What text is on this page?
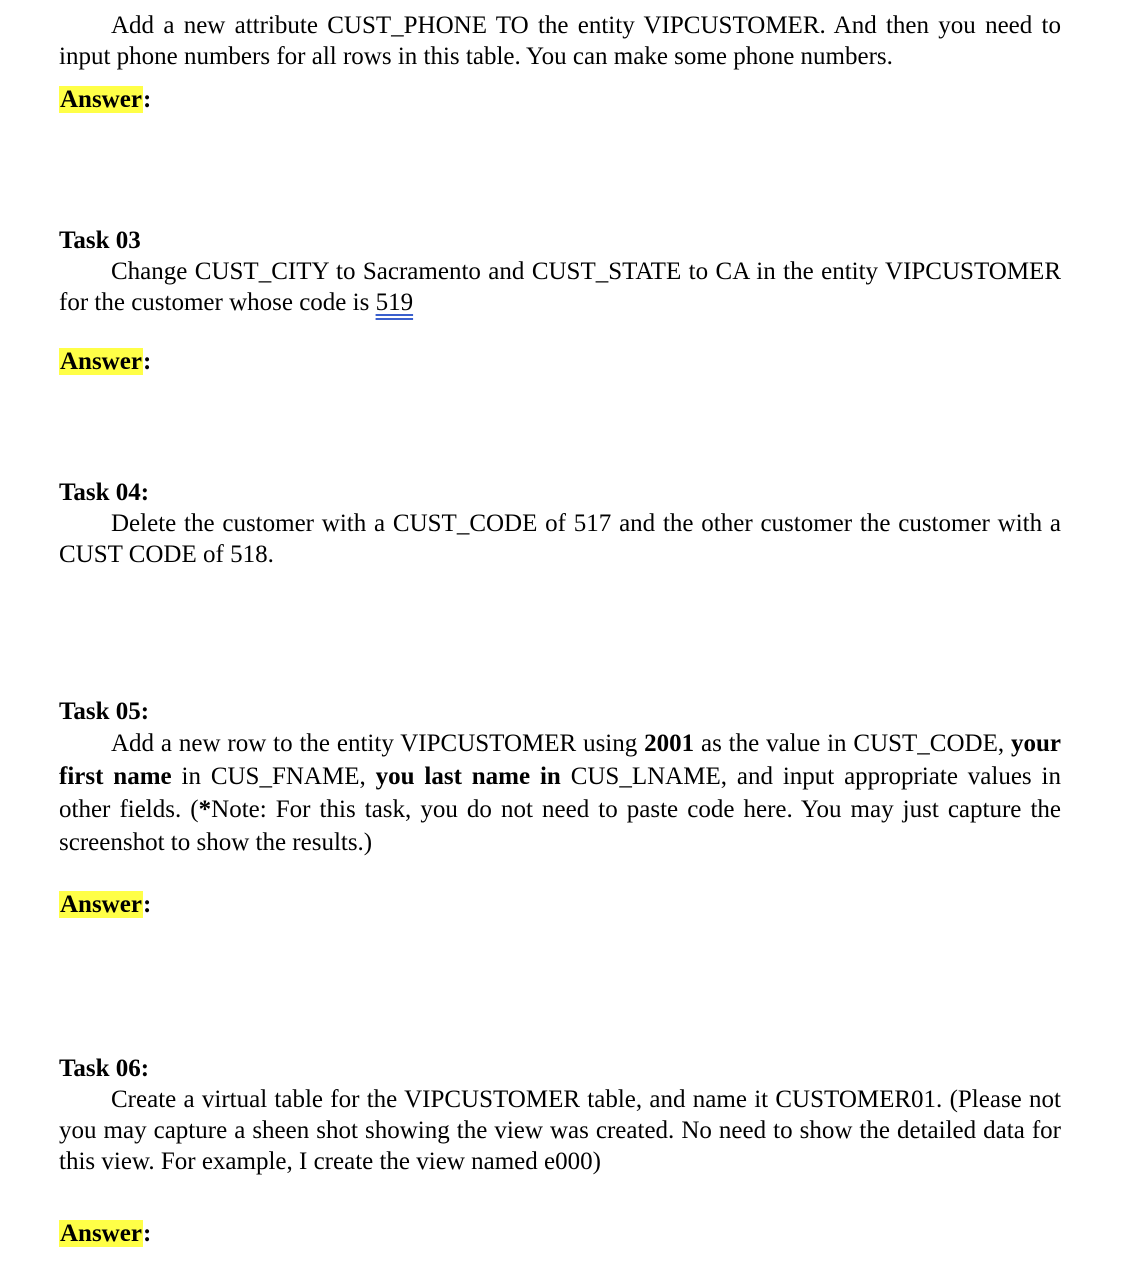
Add a new attribute CUST_PHONE TO the entity VIPCUSTOMER. And then you need to input phone numbers for all rows in this table. You can make some phone numbers.

Answer:

Task 03

Change CUST_CITY to Sacramento and CUST_STATE to CA in the entity VIPCUSTOMER for the customer whose code is 519

Answer:

Task 04:

Delete the customer with a CUST_CODE of 517 and the other customer the customer with a CUST CODE of 518.

Task 05:

Add a new row to the entity VIPCUSTOMER using 2001 as the value in CUST_CODE, your first name in CUS_FNAME, you last name in CUS_LNAME, and input appropriate values in other fields. (*Note: For this task, you do not need to paste code here. You may just capture the screenshot to show the results.)

Answer:

Task 06:

Create a virtual table for the VIPCUSTOMER table, and name it CUSTOMER01. (Please not you may capture a sheen shot showing the view was created. No need to show the detailed data for this view. For example, I create the view named e000)

Answer:
